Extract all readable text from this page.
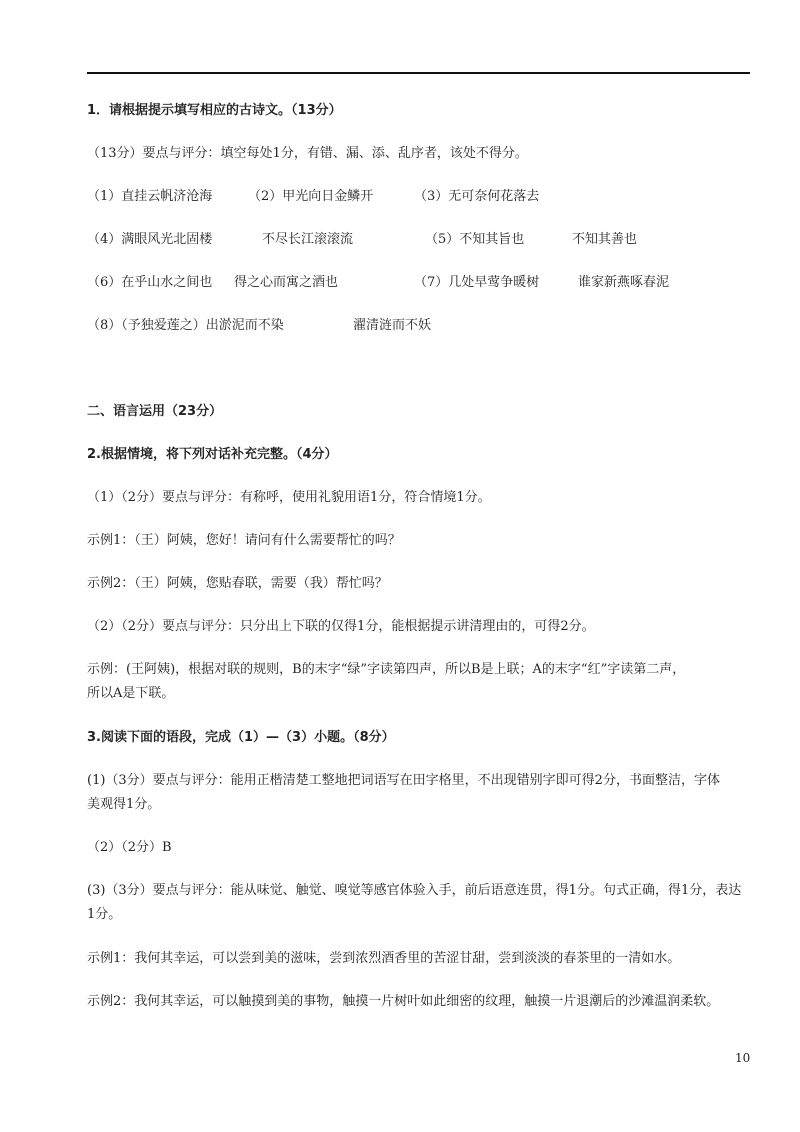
1．请根据提示填写相应的古诗文。（13分）
（13分）要点与评分：填空每处1分，有错、漏、添、乱序者，该处不得分。
（1）直挂云帆济沧海	（2）甲光向日金鳞开	（3）无可奈何花落去
（4）满眼风光北固楼	不尽长江滚滚流	（5）不知其旨也	不知其善也
（6）在乎山水之间也 得之心而寓之酒也	（7）几处早莺争暖树	谁家新燕啄春泥
（8）（予独爱莲之）出淤泥而不染	濯清涟而不妖
二、语言运用（23分）
2.根据情境，将下列对话补充完整。（4分）
（1）（2分）要点与评分：有称呼，使用礼貌用语1分，符合情境1分。
示例1：（王）阿姨，您好！请问有什么需要帮忙的吗？
示例2：（王）阿姨，您贴春联，需要（我）帮忙吗？
（2）（2分）要点与评分：只分出上下联的仅得1分，能根据提示讲清理由的，可得2分。
示例：(王阿姨)，根据对联的规则，B的末字“绿”字读第四声，所以B是上联；A的末字“红”字读第二声，
所以A是下联。
3.阅读下面的语段，完成（1）—（3）小题。（8分）
(1)（3分）要点与评分：能用正楷清楚工整地把词语写在田字格里，不出现错别字即可得2分，书面整洁，字体
美观得1分。
（2）（2分）B
(3)（3分）要点与评分：能从味觉、触觉、嗅觉等感官体验入手，前后语意连贯，得1分。句式正确，得1分，表达
1分。
示例1：我何其幸运，可以尝到美的滋味，尝到浓烈酒香里的苦涩甘甜，尝到淡淡的春茶里的一清如水。
示例2：我何其幸运，可以触摸到美的事物，触摸一片树叶如此细密的纹理，触摸一片退潮后的沙滩温润柔软。
10
